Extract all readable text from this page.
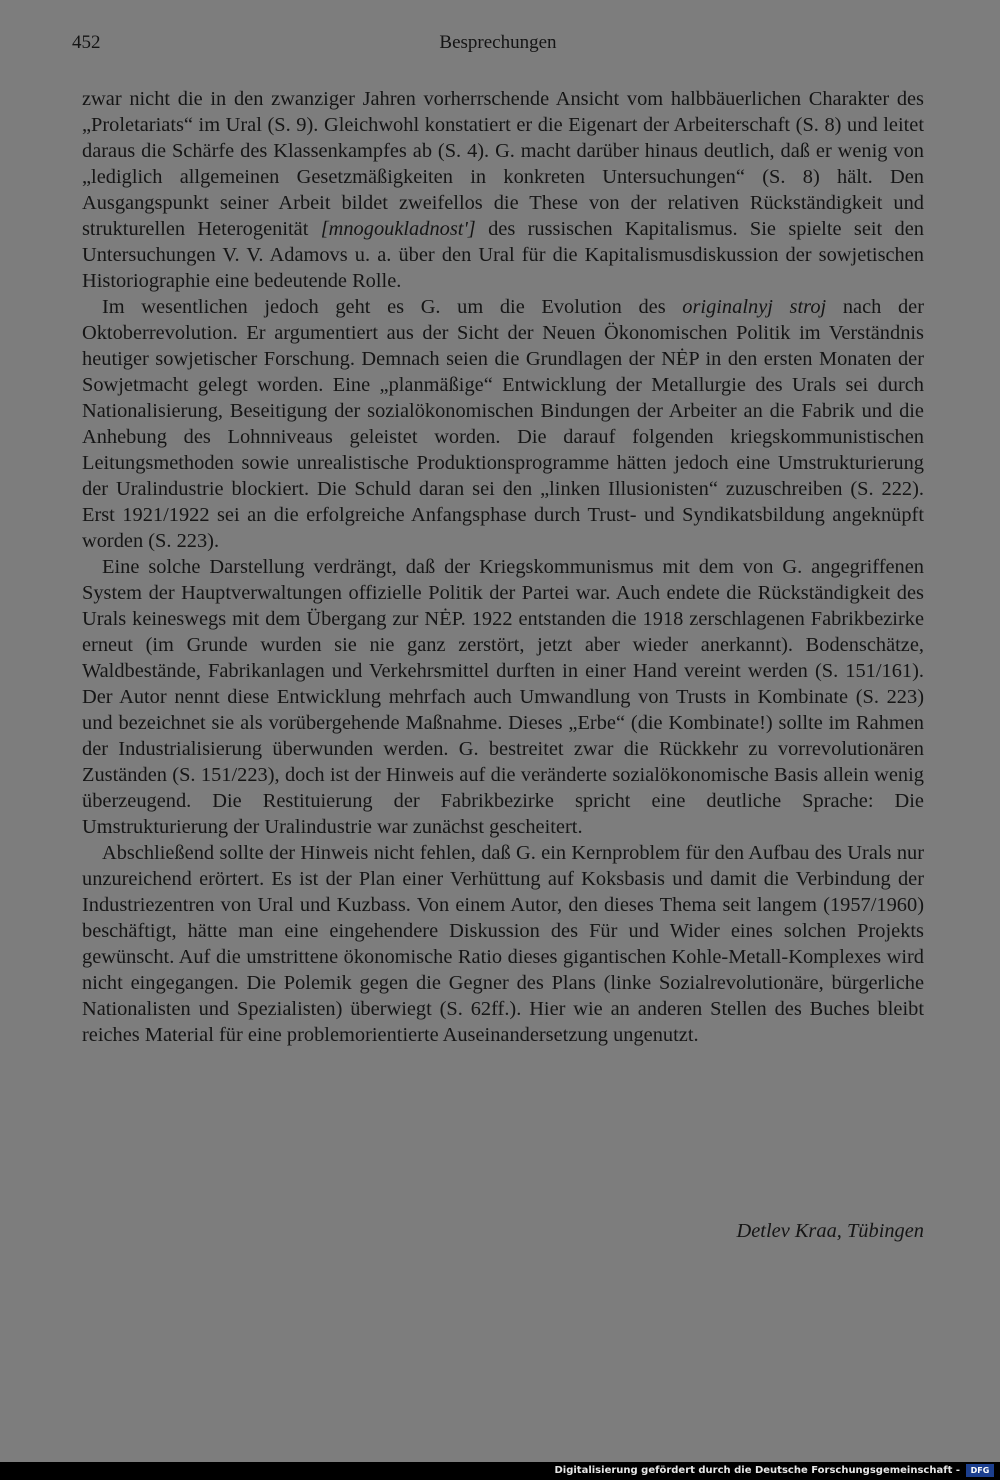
452	Besprechungen

zwar nicht die in den zwanziger Jahren vorherrschende Ansicht vom halbbäuerlichen Charakter des „Proletariats“ im Ural (S. 9). Gleichwohl konstatiert er die Eigenart der Arbeiterschaft (S. 8) und leitet daraus die Schärfe des Klassenkampfes ab (S. 4). G. macht darüber hinaus deutlich, daß er wenig von „lediglich allgemeinen Gesetzmäßigkeiten in konkreten Untersuchungen“ (S. 8) hält. Den Ausgangspunkt seiner Arbeit bildet zweifellos die These von der relativen Rückständigkeit und strukturellen Heterogenität [mnogoukladnost'] des russischen Kapitalismus. Sie spielte seit den Untersuchungen V. V. Adamovs u. a. über den Ural für die Kapitalismusdiskussion der sowjetischen Historiographie eine bedeutende Rolle.

Im wesentlichen jedoch geht es G. um die Evolution des originalnyj stroj nach der Oktoberrevolution. Er argumentiert aus der Sicht der Neuen Ökonomischen Politik im Verständnis heutiger sowjetischer Forschung. Demnach seien die Grundlagen der NĖP in den ersten Monaten der Sowjetmacht gelegt worden. Eine „planmäßige“ Entwicklung der Metallurgie des Urals sei durch Nationalisierung, Beseitigung der sozialökonomischen Bindungen der Arbeiter an die Fabrik und die Anhebung des Lohnniveaus geleistet worden. Die darauf folgenden kriegskommunistischen Leitungsmethoden sowie unrealistische Produktionsprogramme hätten jedoch eine Umstrukturierung der Uralindustrie blockiert. Die Schuld daran sei den „linken Illusionisten“ zuzuschreiben (S. 222). Erst 1921/1922 sei an die erfolgreiche Anfangsphase durch Trust- und Syndikatsbildung angeknüpft worden (S. 223).

Eine solche Darstellung verdrängt, daß der Kriegskommunismus mit dem von G. angegriffenen System der Hauptverwaltungen offizielle Politik der Partei war. Auch endete die Rückständigkeit des Urals keineswegs mit dem Übergang zur NĖP. 1922 entstanden die 1918 zerschlagenen Fabrikbezirke erneut (im Grunde wurden sie nie ganz zerstört, jetzt aber wieder anerkannt). Bodenschätze, Waldbestände, Fabrikanlagen und Verkehrsmittel durften in einer Hand vereint werden (S. 151/161). Der Autor nennt diese Entwicklung mehrfach auch Umwandlung von Trusts in Kombinate (S. 223) und bezeichnet sie als vorübergehende Maßnahme. Dieses „Erbe“ (die Kombinate!) sollte im Rahmen der Industrialisierung überwunden werden. G. bestreitet zwar die Rückkehr zu vorrevolutionären Zuständen (S. 151/223), doch ist der Hinweis auf die veränderte sozialökonomische Basis allein wenig überzeugend. Die Restituierung der Fabrikbezirke spricht eine deutliche Sprache: Die Umstrukturierung der Uralindustrie war zunächst gescheitert.

Abschließend sollte der Hinweis nicht fehlen, daß G. ein Kernproblem für den Aufbau des Urals nur unzureichend erörtert. Es ist der Plan einer Verhüttung auf Koksbasis und damit die Verbindung der Industriezentren von Ural und Kuzbass. Von einem Autor, den dieses Thema seit langem (1957/1960) beschäftigt, hätte man eine eingehendere Diskussion des Für und Wider eines solchen Projekts gewünscht. Auf die umstrittene ökonomische Ratio dieses gigantischen Kohle-Metall-Komplexes wird nicht eingegangen. Die Polemik gegen die Gegner des Plans (linke Sozialrevolutionäre, bürgerliche Nationalisten und Spezialisten) überwiegt (S. 62ff.). Hier wie an anderen Stellen des Buches bleibt reiches Material für eine problemorientierte Auseinandersetzung ungenutzt.

Detlev Kraa, Tübingen
Digitalisierung gefördert durch die Deutsche Forschungsgemeinschaft -	DFG
